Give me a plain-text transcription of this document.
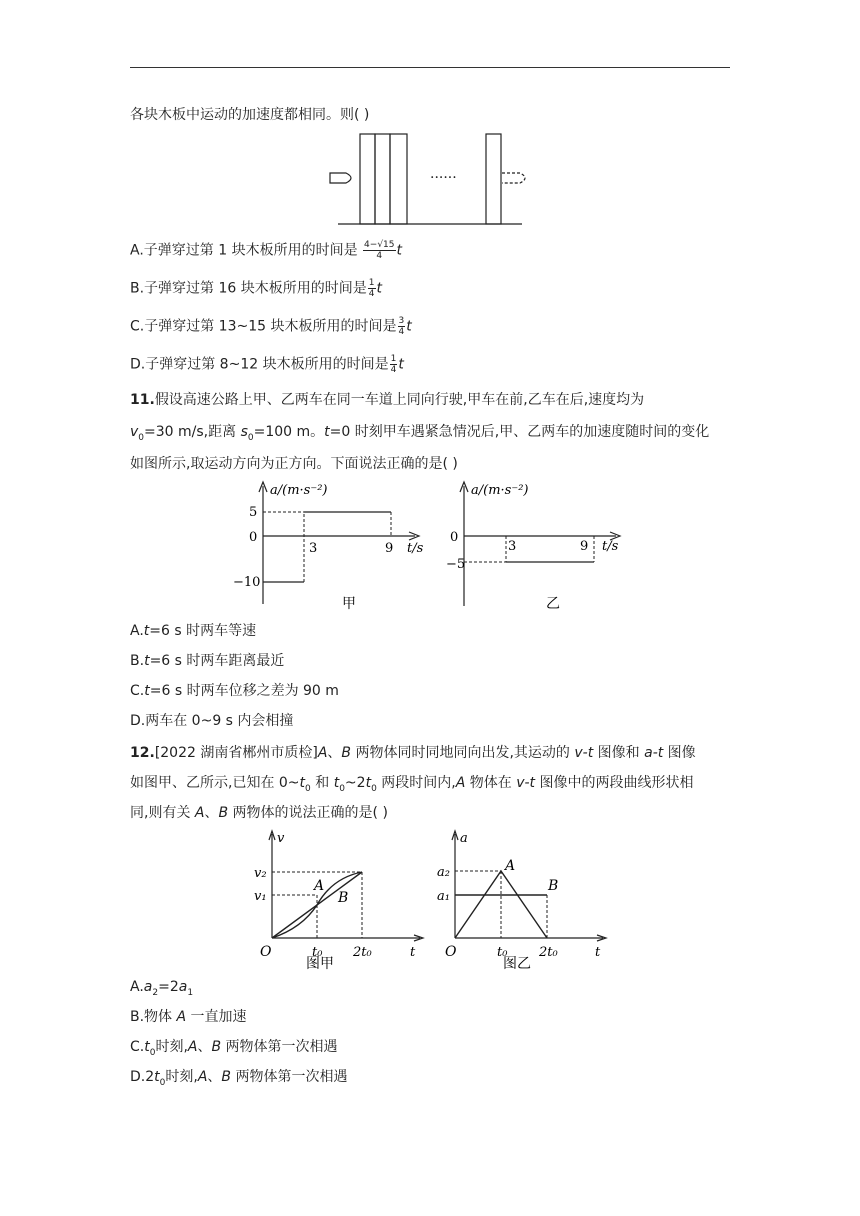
各块木板中运动的加速度都相同。则( )
······
A.子弹穿过第 1 块木板所用的时间是 $\frac{4-√15}{4}$ t
B.子弹穿过第 16 块木板所用的时间是 $\frac{1}{4}$ t
C.子弹穿过第 13~15 块木板所用的时间是 $\frac{3}{4}$ t
D.子弹穿过第 8~12 块木板所用的时间是 $\frac{1}{4}$ t
11.假设高速公路上甲、乙两车在同一车道上同向行驶,甲车在前,乙车在后,速度均为
$v_0=30$ m/s,距离 $s_0=100$ m。t=0 时刻甲车遇紧急情况后,甲、乙两车的加速度随时间的变化
如图所示,取运动方向为正方向。下面说法正确的是( )
a/(m·s⁻²)
t/s
5
0
−10
3	9
甲
a/(m·s⁻²)
t/s
0
−5
3	9
乙
A.t=6 s 时两车等速
B.t=6 s 时两车距离最近
C.t=6 s 时两车位移之差为 90 m
D.两车在 0~9 s 内会相撞
12.[2022 湖南省郴州市质检]A、B 两物体同时同地同向出发,其运动的 v-t 图像和 a-t 图像
如图甲、乙所示,已知在 $0\sim t_0$ 和 $t_0\sim 2t_0$ 两段时间内,A 物体在 v-t 图像中的两段曲线形状相
同,则有关 A、B 两物体的说法正确的是( )
v
t
O
v₂
v₁
t₀ 2t₀
A
B
图甲
a
t
O
a₂
a₁
t₀ 2t₀
A
B
图乙
$A.a_2=2a_1$
B.物体 A 一直加速
$C.t_0$时刻,A、B 两物体第一次相遇
$D.2t_0$时刻,A、B 两物体第一次相遇
